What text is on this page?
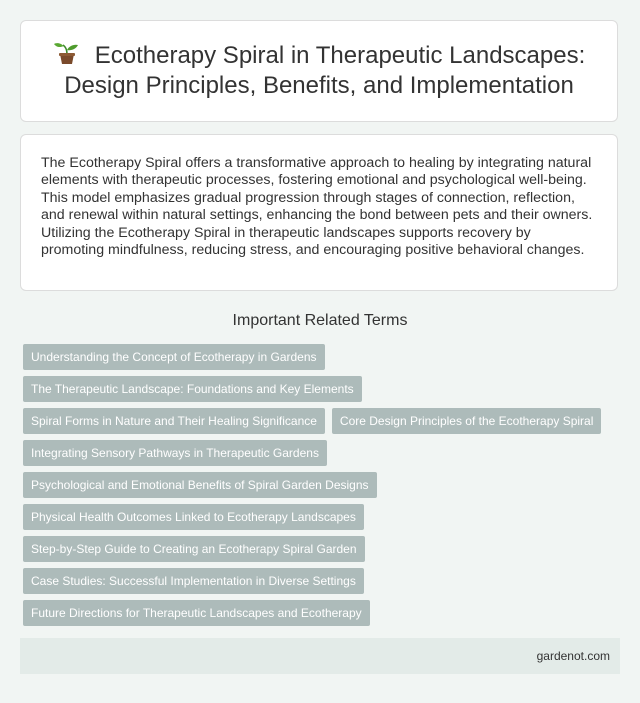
Ecotherapy Spiral in Therapeutic Landscapes: Design Principles, Benefits, and Implementation

The Ecotherapy Spiral offers a transformative approach to healing by integrating natural elements with therapeutic processes, fostering emotional and psychological well-being. This model emphasizes gradual progression through stages of connection, reflection, and renewal within natural settings, enhancing the bond between pets and their owners. Utilizing the Ecotherapy Spiral in therapeutic landscapes supports recovery by promoting mindfulness, reducing stress, and encouraging positive behavioral changes.

Important Related Terms
Understanding the Concept of Ecotherapy in Gardens
The Therapeutic Landscape: Foundations and Key Elements
Spiral Forms in Nature and Their Healing Significance	Core Design Principles of the Ecotherapy Spiral
Integrating Sensory Pathways in Therapeutic Gardens
Psychological and Emotional Benefits of Spiral Garden Designs
Physical Health Outcomes Linked to Ecotherapy Landscapes
Step-by-Step Guide to Creating an Ecotherapy Spiral Garden
Case Studies: Successful Implementation in Diverse Settings
Future Directions for Therapeutic Landscapes and Ecotherapy
gardenot.com
